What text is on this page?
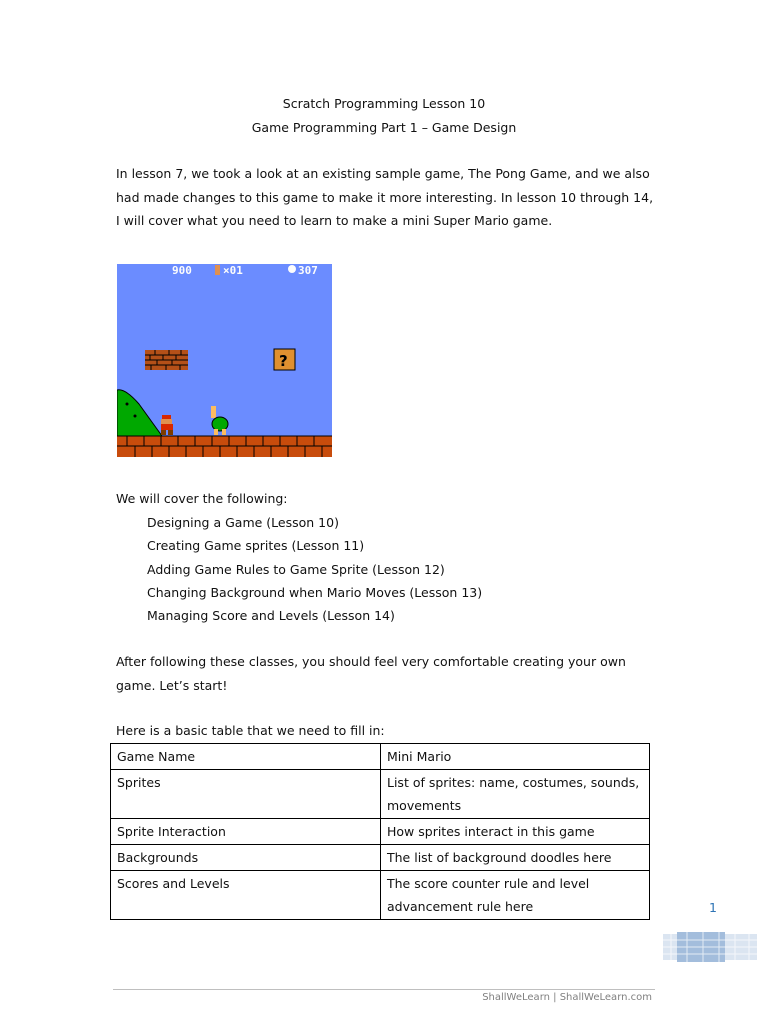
Scratch Programming Lesson 10
Game Programming Part 1 – Game Design
In lesson 7, we took a look at an existing sample game, The Pong Game, and we also had made changes to this game to make it more interesting. In lesson 10 through 14, I will cover what you need to learn to make a mini Super Mario game.
900	×01	307
?
We will cover the following:
Designing a Game (Lesson 10)
Creating Game sprites (Lesson 11)
Adding Game Rules to Game Sprite (Lesson 12)
Changing Background when Mario Moves (Lesson 13)
Managing Score and Levels (Lesson 14)
After following these classes, you should feel very comfortable creating your own game. Let’s start!
Here is a basic table that we need to fill in:
Game Name	Mini Mario
Sprites	List of sprites: name, costumes, sounds, movements
Sprite Interaction	How sprites interact in this game
Backgrounds	The list of background doodles here
Scores and Levels	The score counter rule and level advancement rule here	1
ShallWeLearn | ShallWeLearn.com
